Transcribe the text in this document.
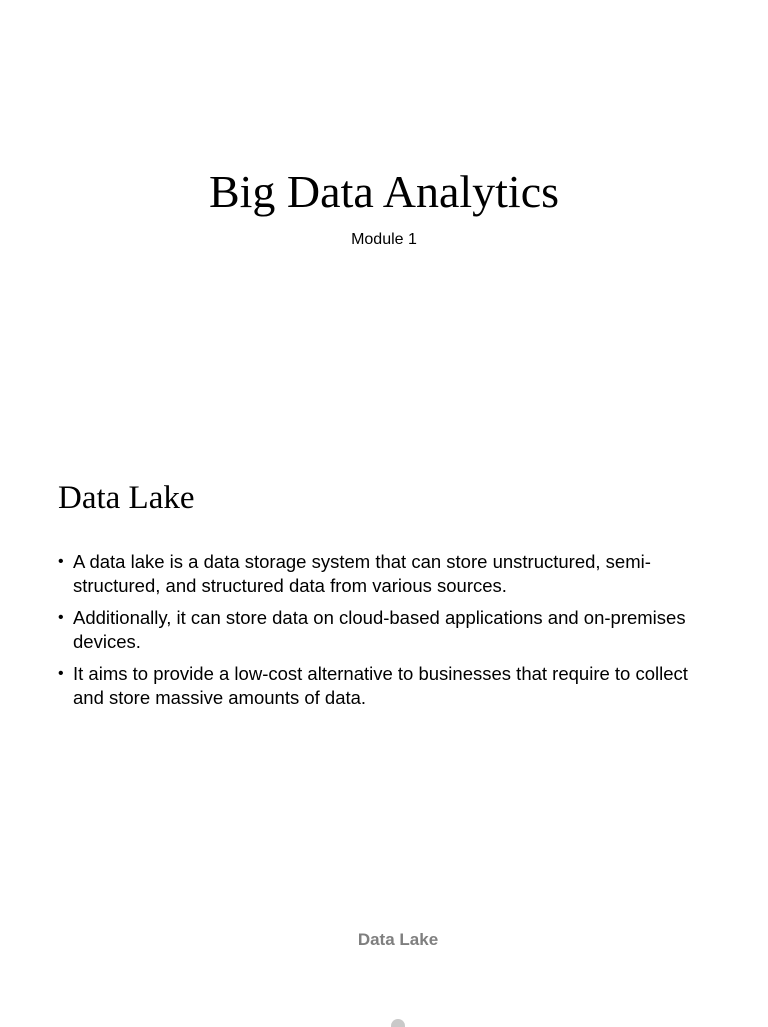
Big Data Analytics

Module 1

Data Lake
• A data lake is a data storage system that can store unstructured, semi-structured, and structured data from various sources.
• Additionally, it can store data on cloud-based applications and on-premises devices.
• It aims to provide a low-cost alternative to businesses that require to collect and store massive amounts of data.

Data Lake
